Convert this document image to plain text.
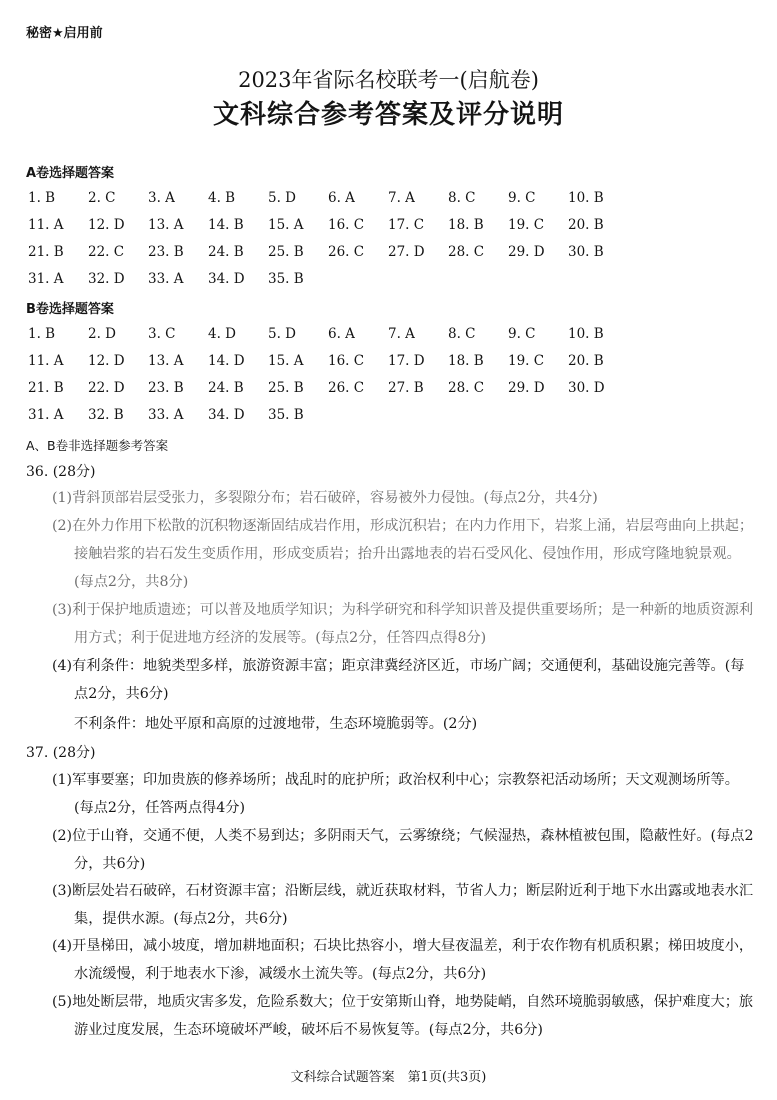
秘密★启用前
2023年省际名校联考一(启航卷)
文科综合参考答案及评分说明
A卷选择题答案
1. B	2. C	3. A	4. B	5. D	6. A	7. A	8. C	9. C	10. B
11. A	12. D	13. A	14. B	15. A	16. C	17. C	18. B	19. C	20. B
21. B	22. C	23. B	24. B	25. B	26. C	27. D	28. C	29. D	30. B
31. A	32. D	33. A	34. D	35. B
B卷选择题答案
1. B	2. D	3. C	4. D	5. D	6. A	7. A	8. C	9. C	10. B
11. A	12. D	13. A	14. D	15. A	16. C	17. D	18. B	19. C	20. B
21. B	22. D	23. B	24. B	25. B	26. C	27. B	28. C	29. D	30. D
31. A	32. B	33. A	34. D	35. B
A、B卷非选择题参考答案
36. (28分)
(1)背斜顶部岩层受张力，多裂隙分布；岩石破碎，容易被外力侵蚀。(每点2分，共4分)
(2)在外力作用下松散的沉积物逐渐固结成岩作用，形成沉积岩；在内力作用下，岩浆上涌，岩层弯曲向上拱起；接触岩浆的岩石发生变质作用，形成变质岩；抬升出露地表的岩石受风化、侵蚀作用，形成穹隆地貌景观。(每点2分，共8分)
(3)利于保护地质遗迹；可以普及地质学知识；为科学研究和科学知识普及提供重要场所；是一种新的地质资源利用方式；利于促进地方经济的发展等。(每点2分，任答四点得8分)
(4)有利条件：地貌类型多样，旅游资源丰富；距京津冀经济区近，市场广阔；交通便利，基础设施完善等。(每点2分，共6分)
不利条件：地处平原和高原的过渡地带，生态环境脆弱等。(2分)
37. (28分)
(1)军事要塞；印加贵族的修养场所；战乱时的庇护所；政治权利中心；宗教祭祀活动场所；天文观测场所等。(每点2分，任答两点得4分)
(2)位于山脊，交通不便，人类不易到达；多阴雨天气，云雾缭绕；气候湿热，森林植被包围，隐蔽性好。(每点2分，共6分)
(3)断层处岩石破碎，石材资源丰富；沿断层线，就近获取材料，节省人力；断层附近利于地下水出露或地表水汇集，提供水源。(每点2分，共6分)
(4)开垦梯田，减小坡度，增加耕地面积；石块比热容小，增大昼夜温差，利于农作物有机质积累；梯田坡度小，水流缓慢，利于地表水下渗，减缓水土流失等。(每点2分，共6分)
(5)地处断层带，地质灾害多发，危险系数大；位于安第斯山脊，地势陡峭，自然环境脆弱敏感，保护难度大；旅游业过度发展，生态环境破坏严峻，破坏后不易恢复等。(每点2分，共6分)
文科综合试题答案　第1页(共3页)
